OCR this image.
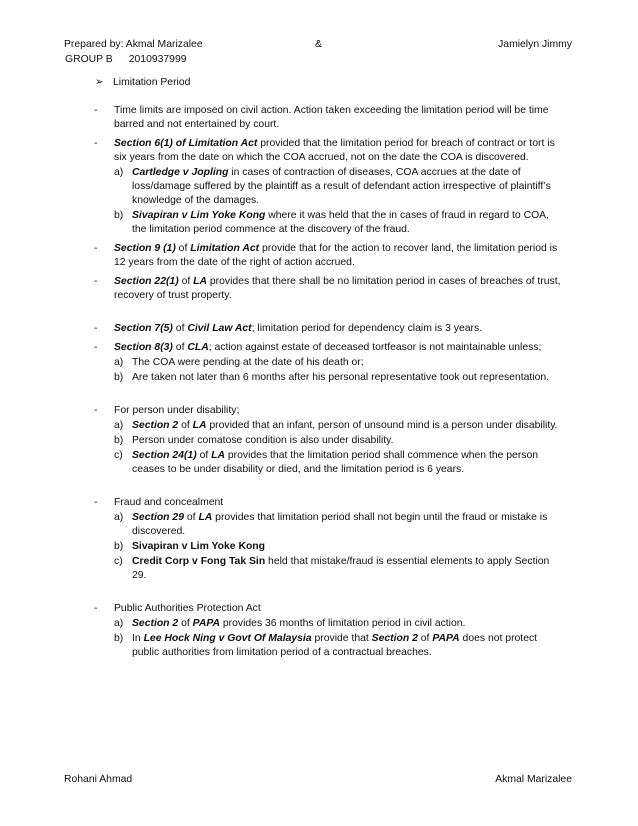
Prepared by: Akmal Marizalee	&	Jamielyn Jimmy
GROUP B 2010937999
➢ Limitation Period
- Time limits are imposed on civil action. Action taken exceeding the limitation period will be time barred and not entertained by court.
- Section 6(1) of Limitation Act provided that the limitation period for breach of contract or tort is six years from the date on which the COA accrued, not on the date the COA is discovered.
a) Cartledge v Jopling in cases of contraction of diseases, COA accrues at the date of loss/damage suffered by the plaintiff as a result of defendant action irrespective of plaintiff’s knowledge of the damages.
b) Sivapiran v Lim Yoke Kong where it was held that the in cases of fraud in regard to COA, the limitation period commence at the discovery of the fraud.
- Section 9 (1) of Limitation Act provide that for the action to recover land, the limitation period is 12 years from the date of the right of action accrued.
- Section 22(1) of LA provides that there shall be no limitation period in cases of breaches of trust, recovery of trust property.
- Section 7(5) of Civil Law Act; limitation period for dependency claim is 3 years.
- Section 8(3) of CLA; action against estate of deceased tortfeasor is not maintainable unless;
a) The COA were pending at the date of his death or;
b) Are taken not later than 6 months after his personal representative took out representation.
- For person under disability;
a) Section 2 of LA provided that an infant, person of unsound mind is a person under disability.
b) Person under comatose condition is also under disability.
c) Section 24(1) of LA provides that the limitation period shall commence when the person ceases to be under disability or died, and the limitation period is 6 years.
- Fraud and concealment
a) Section 29 of LA provides that limitation period shall not begin until the fraud or mistake is discovered.
b) Sivapiran v Lim Yoke Kong
c) Credit Corp v Fong Tak Sin held that mistake/fraud is essential elements to apply Section 29.
- Public Authorities Protection Act
a) Section 2 of PAPA provides 36 months of limitation period in civil action.
b) In Lee Hock Ning v Govt Of Malaysia provide that Section 2 of PAPA does not protect public authorities from limitation period of a contractual breaches.
Rohani Ahmad	Akmal Marizalee
